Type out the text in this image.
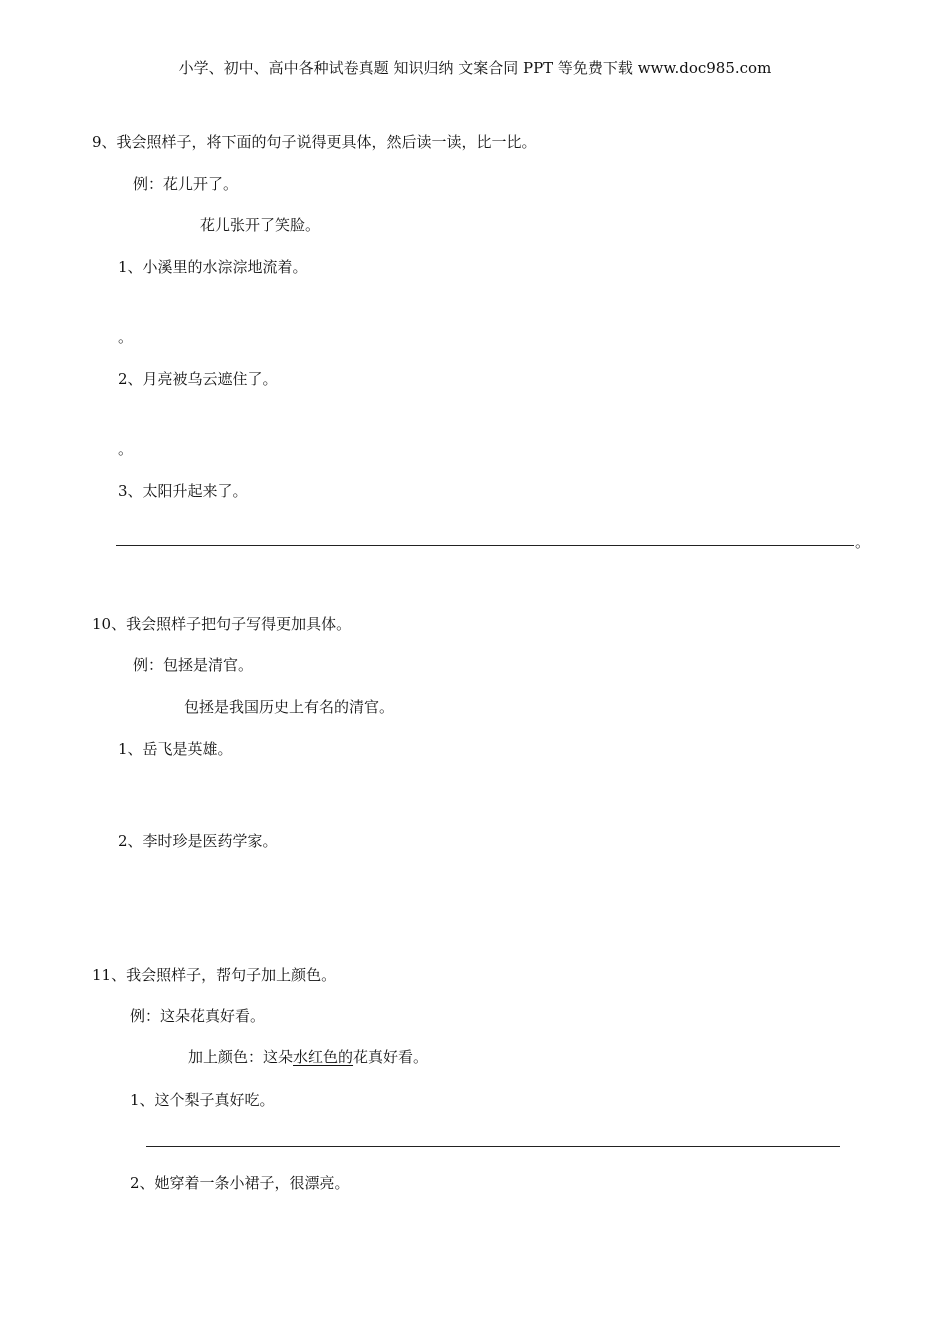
小学、初中、高中各种试卷真题 知识归纳 文案合同 PPT 等免费下载 www.doc985.com
9、我会照样子，将下面的句子说得更具体，然后读一读，比一比。
例：花儿开了。
花儿张开了笑脸。
1、小溪里的水淙淙地流着。
。
2、月亮被乌云遮住了。
。
3、太阳升起来了。
。
10、我会照样子把句子写得更加具体。
例：包拯是清官。
包拯是我国历史上有名的清官。
1、岳飞是英雄。
2、李时珍是医药学家。
11、我会照样子，帮句子加上颜色。
例：这朵花真好看。
加上颜色：这朵水红色的花真好看。
1、这个梨子真好吃。
2、她穿着一条小裙子，很漂亮。
